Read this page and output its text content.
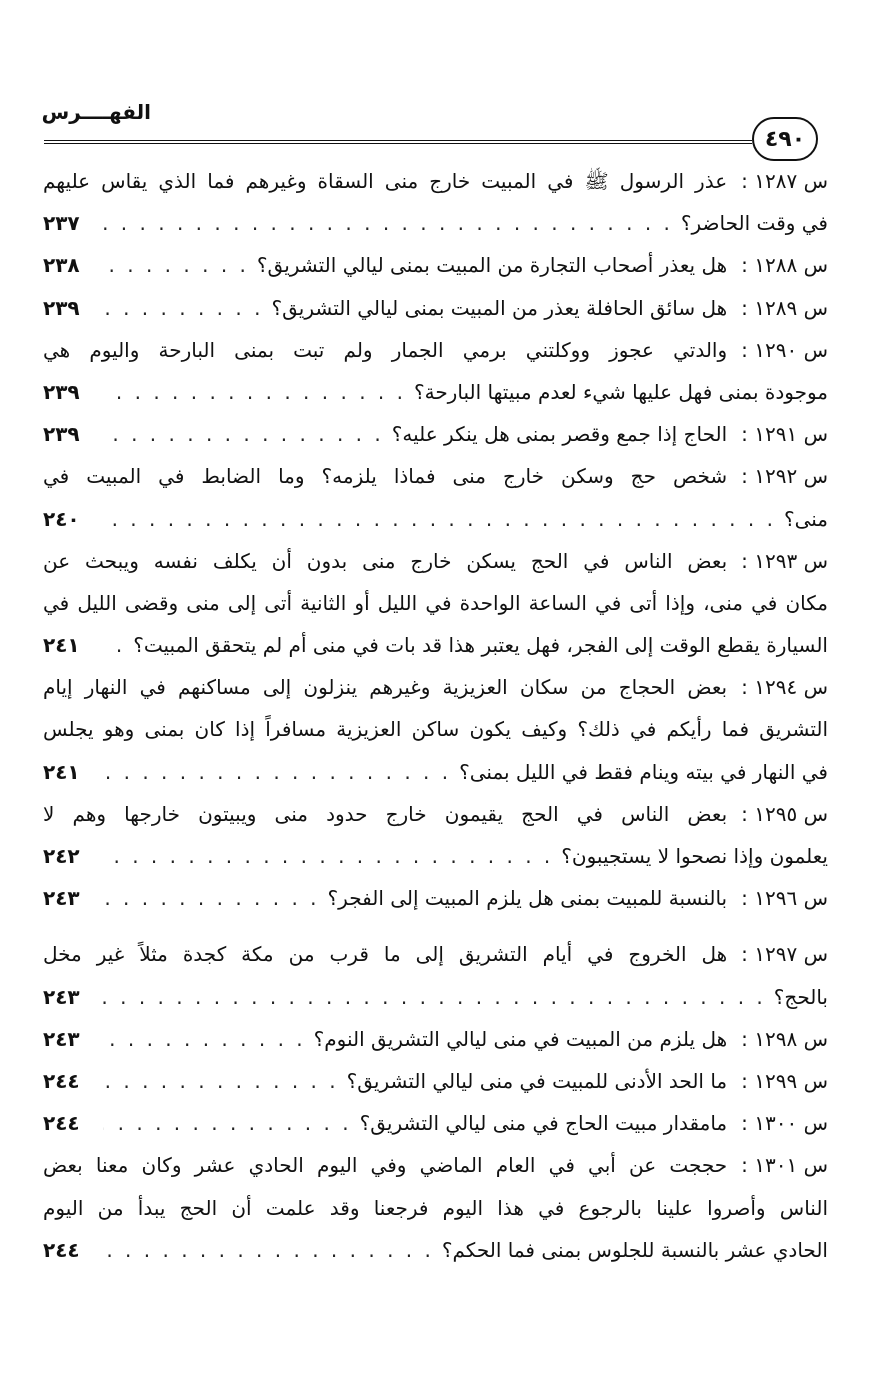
الفهــــرس
٤٩٠
س ١٢٨٧ :
عذر الرسول ﷺ في المبيت خارج منى السقاة وغيرهم فما الذي يقاس عليهم
في وقت الحاضر؟
. . .
٢٣٧
س ١٢٨٨ :
هل يعذر أصحاب التجارة من المبيت بمنى ليالي التشريق؟
. . .
٢٣٨
س ١٢٨٩ :
هل سائق الحافلة يعذر من المبيت بمنى ليالي التشريق؟
. . .
٢٣٩
س ١٢٩٠ :
والدتي عجوز ووكلتني برمي الجمار ولم تبت بمنى البارحة واليوم هي
موجودة بمنى فهل عليها شيء لعدم مبيتها البارحة؟
. . .
٢٣٩
س ١٢٩١ :
الحاج إذا جمع وقصر بمنى هل ينكر عليه؟
. . .
٢٣٩
س ١٢٩٢ :
شخص حج وسكن خارج منى فماذا يلزمه؟ وما الضابط في المبيت في
منى؟
. . .
٢٤٠
س ١٢٩٣ :
بعض الناس في الحج يسكن خارج منى بدون أن يكلف نفسه ويبحث عن
مكان في منى، وإذا أتى في الساعة الواحدة في الليل أو الثانية أتى إلى منى وقضى الليل في
السيارة يقطع الوقت إلى الفجر، فهل يعتبر هذا قد بات في منى أم لم يتحقق المبيت؟
. . .
٢٤١
س ١٢٩٤ :
بعض الحجاج من سكان العزيزية وغيرهم ينزلون إلى مساكنهم في النهار إيام
التشريق فما رأيكم في ذلك؟ وكيف يكون ساكن العزيزية مسافراً إذا كان بمنى وهو يجلس
في النهار في بيته وينام فقط في الليل بمنى؟
. . .
٢٤١
س ١٢٩٥ :
بعض الناس في الحج يقيمون خارج حدود منى ويبيتون خارجها وهم لا
يعلمون وإذا نصحوا لا يستجيبون؟
. . .
٢٤٢
س ١٢٩٦ :
بالنسبة للمبيت بمنى هل يلزم المبيت إلى الفجر؟
. . .
٢٤٣
س ١٢٩٧ :
هل الخروج في أيام التشريق إلى ما قرب من مكة كجدة مثلاً غير مخل
بالحج؟
. . .
٢٤٣
س ١٢٩٨ :
هل يلزم من المبيت في منى ليالي التشريق النوم؟
. . .
٢٤٣
س ١٢٩٩ :
ما الحد الأدنى للمبيت في منى ليالي التشريق؟
. . .
٢٤٤
س ١٣٠٠ :
مامقدار مبيت الحاج في منى ليالي التشريق؟
. . .
٢٤٤
س ١٣٠١ :
حججت عن أبي في العام الماضي وفي اليوم الحادي عشر وكان معنا بعض
الناس وأصروا علينا بالرجوع في هذا اليوم فرجعنا وقد علمت أن الحج يبدأ من اليوم
الحادي عشر بالنسبة للجلوس بمنى فما الحكم؟
. . .
٢٤٤
